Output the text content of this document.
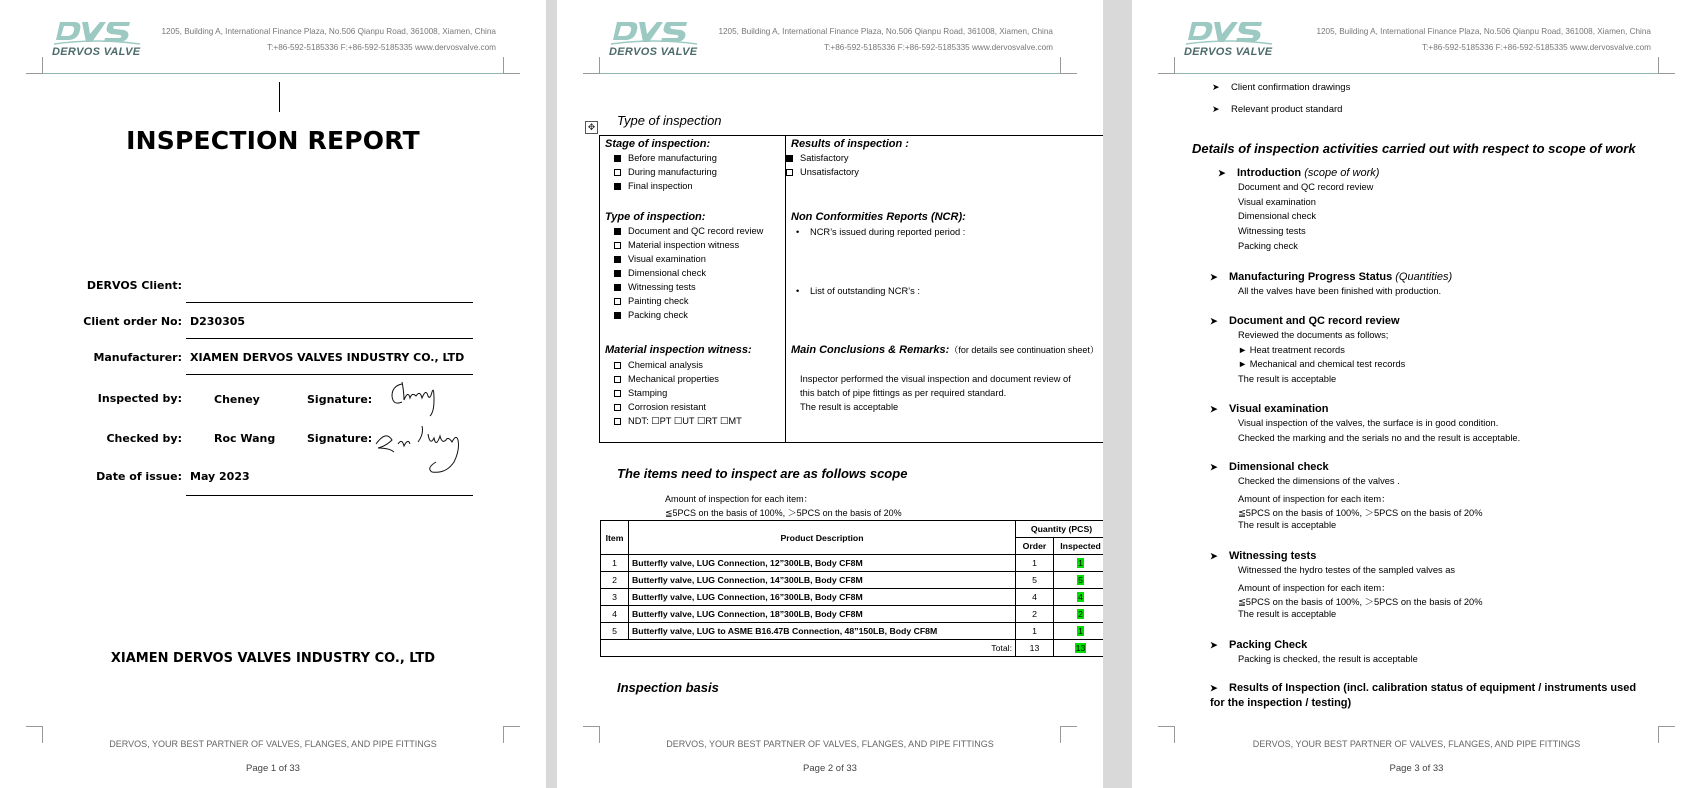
DERVOS VALVE
1205, Building A, International Finance Plaza, No.506 Qianpu Road, 361008, Xiamen, China
T:+86-592-5185336 F:+86-592-5185335 www.dervosvalve.com
INSPECTION REPORT
DERVOS Client:
Client order No: D230305
Manufacturer: XIAMEN DERVOS VALVES INDUSTRY CO., LTD
Inspected by:	Cheney	Signature:
Checked by:	Roc Wang	Signature:
Date of issue: May 2023
XIAMEN DERVOS VALVES INDUSTRY CO., LTD
DERVOS, YOUR BEST PARTNER OF VALVES, FLANGES, AND PIPE FITTINGS
Page 1 of 33
DERVOS VALVE
1205, Building A, International Finance Plaza, No.506 Qianpu Road, 361008, Xiamen, China
T:+86-592-5185336 F:+86-592-5185335 www.dervosvalve.com
Type of inspection
✥
Stage of inspection:
Before manufacturing
During manufacturing
Final inspection
Type of inspection:
Document and QC record review
Material inspection witness
Visual examination
Dimensional check
Witnessing tests
Painting check
Packing check
Material inspection witness:
Chemical analysis
Mechanical properties
Stamping
Corrosion resistant
NDT: ☐PT ☐UT ☐RT ☐MT
Results of inspection :
Satisfactory
Unsatisfactory
Non Conformities Reports (NCR):
• NCR’s issued during reported period :
• List of outstanding NCR’s :
Main Conclusions & Remarks:（for details see continuation sheet）
Inspector performed the visual inspection and document review of
this batch of pipe fittings as per required standard.
The result is acceptable
The items need to inspect are as follows scope
Amount of inspection for each item：
≦5PCS on the basis of 100%, ＞5PCS on the basis of 20%
Item	Product Description	Quantity (PCS)	
		Order	Inspected
1	Butterfly valve, LUG Connection, 12”300LB, Body CF8M	1	1
2	Butterfly valve, LUG Connection, 14”300LB, Body CF8M	5	5
3	Butterfly valve, LUG Connection, 16”300LB, Body CF8M	4	4
4	Butterfly valve, LUG Connection, 18”300LB, Body CF8M	2	2
5	Butterfly valve, LUG to ASME B16.47B Connection, 48”150LB, Body CF8M	1	1
Total:		13	13
Inspection basis
DERVOS, YOUR BEST PARTNER OF VALVES, FLANGES, AND PIPE FITTINGS
Page 2 of 33
DERVOS VALVE
1205, Building A, International Finance Plaza, No.506 Qianpu Road, 361008, Xiamen, China
T:+86-592-5185336 F:+86-592-5185335 www.dervosvalve.com
➤ Client confirmation drawings
➤ Relevant product standard
Details of inspection activities carried out with respect to scope of work
➤ Introduction (scope of work)
Document and QC record review
Visual examination
Dimensional check
Witnessing tests
Packing check
➤ Manufacturing Progress Status (Quantities)
All the valves have been finished with production.
➤ Document and QC record review
Reviewed the documents as follows;
► Heat treatment records
► Mechanical and chemical test records
The result is acceptable
➤ Visual examination
Visual inspection of the valves, the surface is in good condition.
Checked the marking and the serials no and the result is acceptable.
➤ Dimensional check
Checked the dimensions of the valves .
Amount of inspection for each item：
≦5PCS on the basis of 100%, ＞5PCS on the basis of 20%
The result is acceptable
➤ Witnessing tests
Witnessed the hydro testes of the sampled valves as
Amount of inspection for each item：
≦5PCS on the basis of 100%, ＞5PCS on the basis of 20%
The result is acceptable
➤ Packing Check
Packing is checked, the result is acceptable
➤ Results of Inspection (incl. calibration status of equipment / instruments used
for the inspection / testing)
DERVOS, YOUR BEST PARTNER OF VALVES, FLANGES, AND PIPE FITTINGS
Page 3 of 33
